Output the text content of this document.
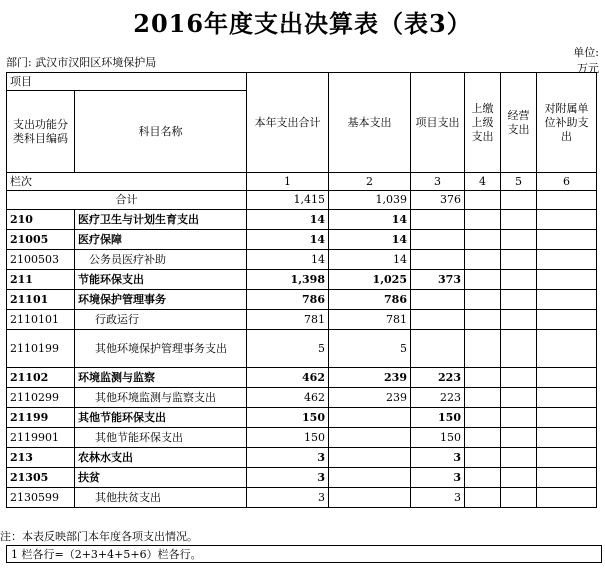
2016年度支出决算表（表3）
单位:
部门: 武汉市汉阳区环境保护局	万元
项目		本年支出合计	基本支出	项目支出	上缴上级支出	经营支出	对附属单位补助支出
支出功能分类科目编码	科目名称						
栏次		1	2	3	4	5	6
合计		1,415	1,039	376			
210	医疗卫生与计划生育支出	14	14				
21005	医疗保障	14	14				
2100503	公务员医疗补助	14	14				
211	节能环保支出	1,398	1,025	373			
21101	环境保护管理事务	786	786				
2110101	行政运行	781	781				
2110199	其他环境保护管理事务支出	5	5				
21102	环境监测与监察	462	239	223			
2110299	其他环境监测与监察支出	462	239	223			
21199	其他节能环保支出	150		150			
2119901	其他节能环保支出	150		150			
213	农林水支出	3		3			
21305	扶贫	3		3			
2130599	其他扶贫支出	3		3			
注：本表反映部门本年度各项支出情况。
1 栏各行=（2+3+4+5+6）栏各行。
